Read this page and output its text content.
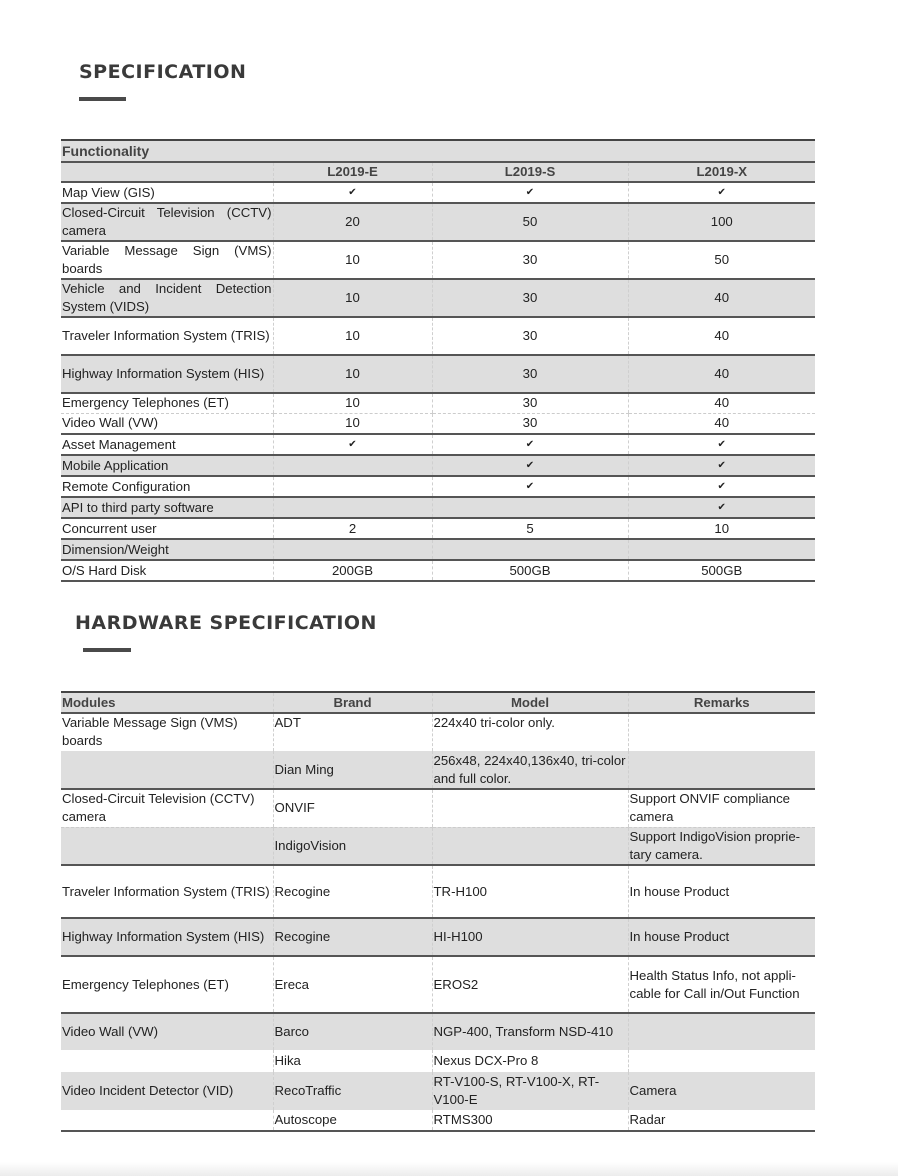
SPECIFICATION
Functionality			
	L2019-E	L2019-S	L2019-X
Map View (GIS)	✔	✔	✔
Closed-Circuit Television (CCTV) camera	20	50	100
Variable Message Sign (VMS) boards	10	30	50
Vehicle and Incident Detection System (VIDS)	10	30	40
Traveler Information System (TRIS)	10	30	40
Highway Information System (HIS)	10	30	40
Emergency Telephones (ET)	10	30	40
Video Wall (VW)	10	30	40
Asset Management	✔	✔	✔
Mobile Application		✔	✔
Remote Configuration		✔	✔
API to third party software			✔
Concurrent user	2	5	10
Dimension/Weight			
O/S Hard Disk	200GB	500GB	500GB
HARDWARE SPECIFICATION
Modules	Brand	Model	Remarks
Variable Message Sign (VMS) boards	ADT	224x40 tri-color only.	
	Dian Ming	256x48, 224x40,136x40, tri-color and full color.	
Closed-Circuit Television (CCTV) camera	ONVIF		Support ONVIF compliance camera
	IndigoVision		Support IndigoVision proprie-tary camera.
Traveler Information System (TRIS)	Recogine	TR-H100	In house Product
Highway Information System (HIS)	Recogine	HI-H100	In house Product
Emergency Telephones (ET)	Ereca	EROS2	Health Status Info, not appli-cable for Call in/Out Function
Video Wall (VW)	Barco	NGP-400, Transform NSD-410	
	Hika	Nexus DCX-Pro 8	
Video Incident Detector (VID)	RecoTraffic	RT-V100-S, RT-V100-X, RT-V100-E	Camera
	Autoscope	RTMS300	Radar
